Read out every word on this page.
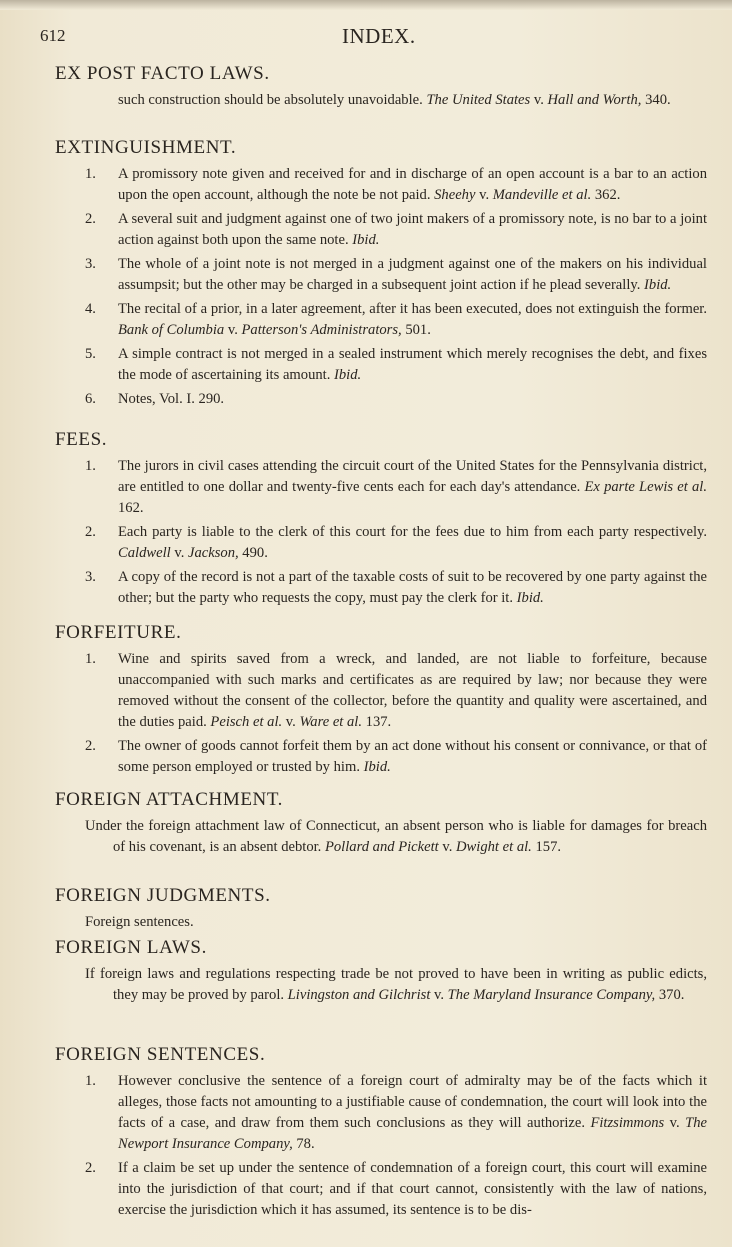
612	INDEX.
EX POST FACTO LAWS.
such construction should be absolutely unavoidable. The United States v. Hall and Worth, 340.
EXTINGUISHMENT.
1. A promissory note given and received for and in discharge of an open account is a bar to an action upon the open account, although the note be not paid. Sheehy v. Mandeville et al. 362.
2. A several suit and judgment against one of two joint makers of a promissory note, is no bar to a joint action against both upon the same note. Ibid.
3. The whole of a joint note is not merged in a judgment against one of the makers on his individual assumpsit; but the other may be charged in a subsequent joint action if he plead severally. Ibid.
4. The recital of a prior, in a later agreement, after it has been executed, does not extinguish the former. Bank of Columbia v. Patterson's Administrators, 501.
5. A simple contract is not merged in a sealed instrument which merely recognises the debt, and fixes the mode of ascertaining its amount. Ibid.
6. Notes, Vol. I. 290.
FEES.
1. The jurors in civil cases attending the circuit court of the United States for the Pennsylvania district, are entitled to one dollar and twenty-five cents each for each day's attendance. Ex parte Lewis et al. 162.
2. Each party is liable to the clerk of this court for the fees due to him from each party respectively. Caldwell v. Jackson, 490.
3. A copy of the record is not a part of the taxable costs of suit to be recovered by one party against the other; but the party who requests the copy, must pay the clerk for it. Ibid.
FORFEITURE.
1. Wine and spirits saved from a wreck, and landed, are not liable to forfeiture, because unaccompanied with such marks and certificates as are required by law; nor because they were removed without the consent of the collector, before the quantity and quality were ascertained, and the duties paid. Peisch et al. v. Ware et al. 137.
2. The owner of goods cannot forfeit them by an act done without his consent or connivance, or that of some person employed or trusted by him. Ibid.
FOREIGN ATTACHMENT.
Under the foreign attachment law of Connecticut, an absent person who is liable for damages for breach of his covenant, is an absent debtor. Pollard and Pickett v. Dwight et al. 157.
FOREIGN JUDGMENTS.
Foreign sentences.
FOREIGN LAWS.
If foreign laws and regulations respecting trade be not proved to have been in writing as public edicts, they may be proved by parol. Livingston and Gilchrist v. The Maryland Insurance Company, 370.
FOREIGN SENTENCES.
1. However conclusive the sentence of a foreign court of admiralty may be of the facts which it alleges, those facts not amounting to a justifiable cause of condemnation, the court will look into the facts of a case, and draw from them such conclusions as they will authorize. Fitzsimmons v. The Newport Insurance Company, 78.
2. If a claim be set up under the sentence of condemnation of a foreign court, this court will examine into the jurisdiction of that court; and if that court cannot, consistently with the law of nations, exercise the jurisdiction which it has assumed, its sentence is to be dis-
